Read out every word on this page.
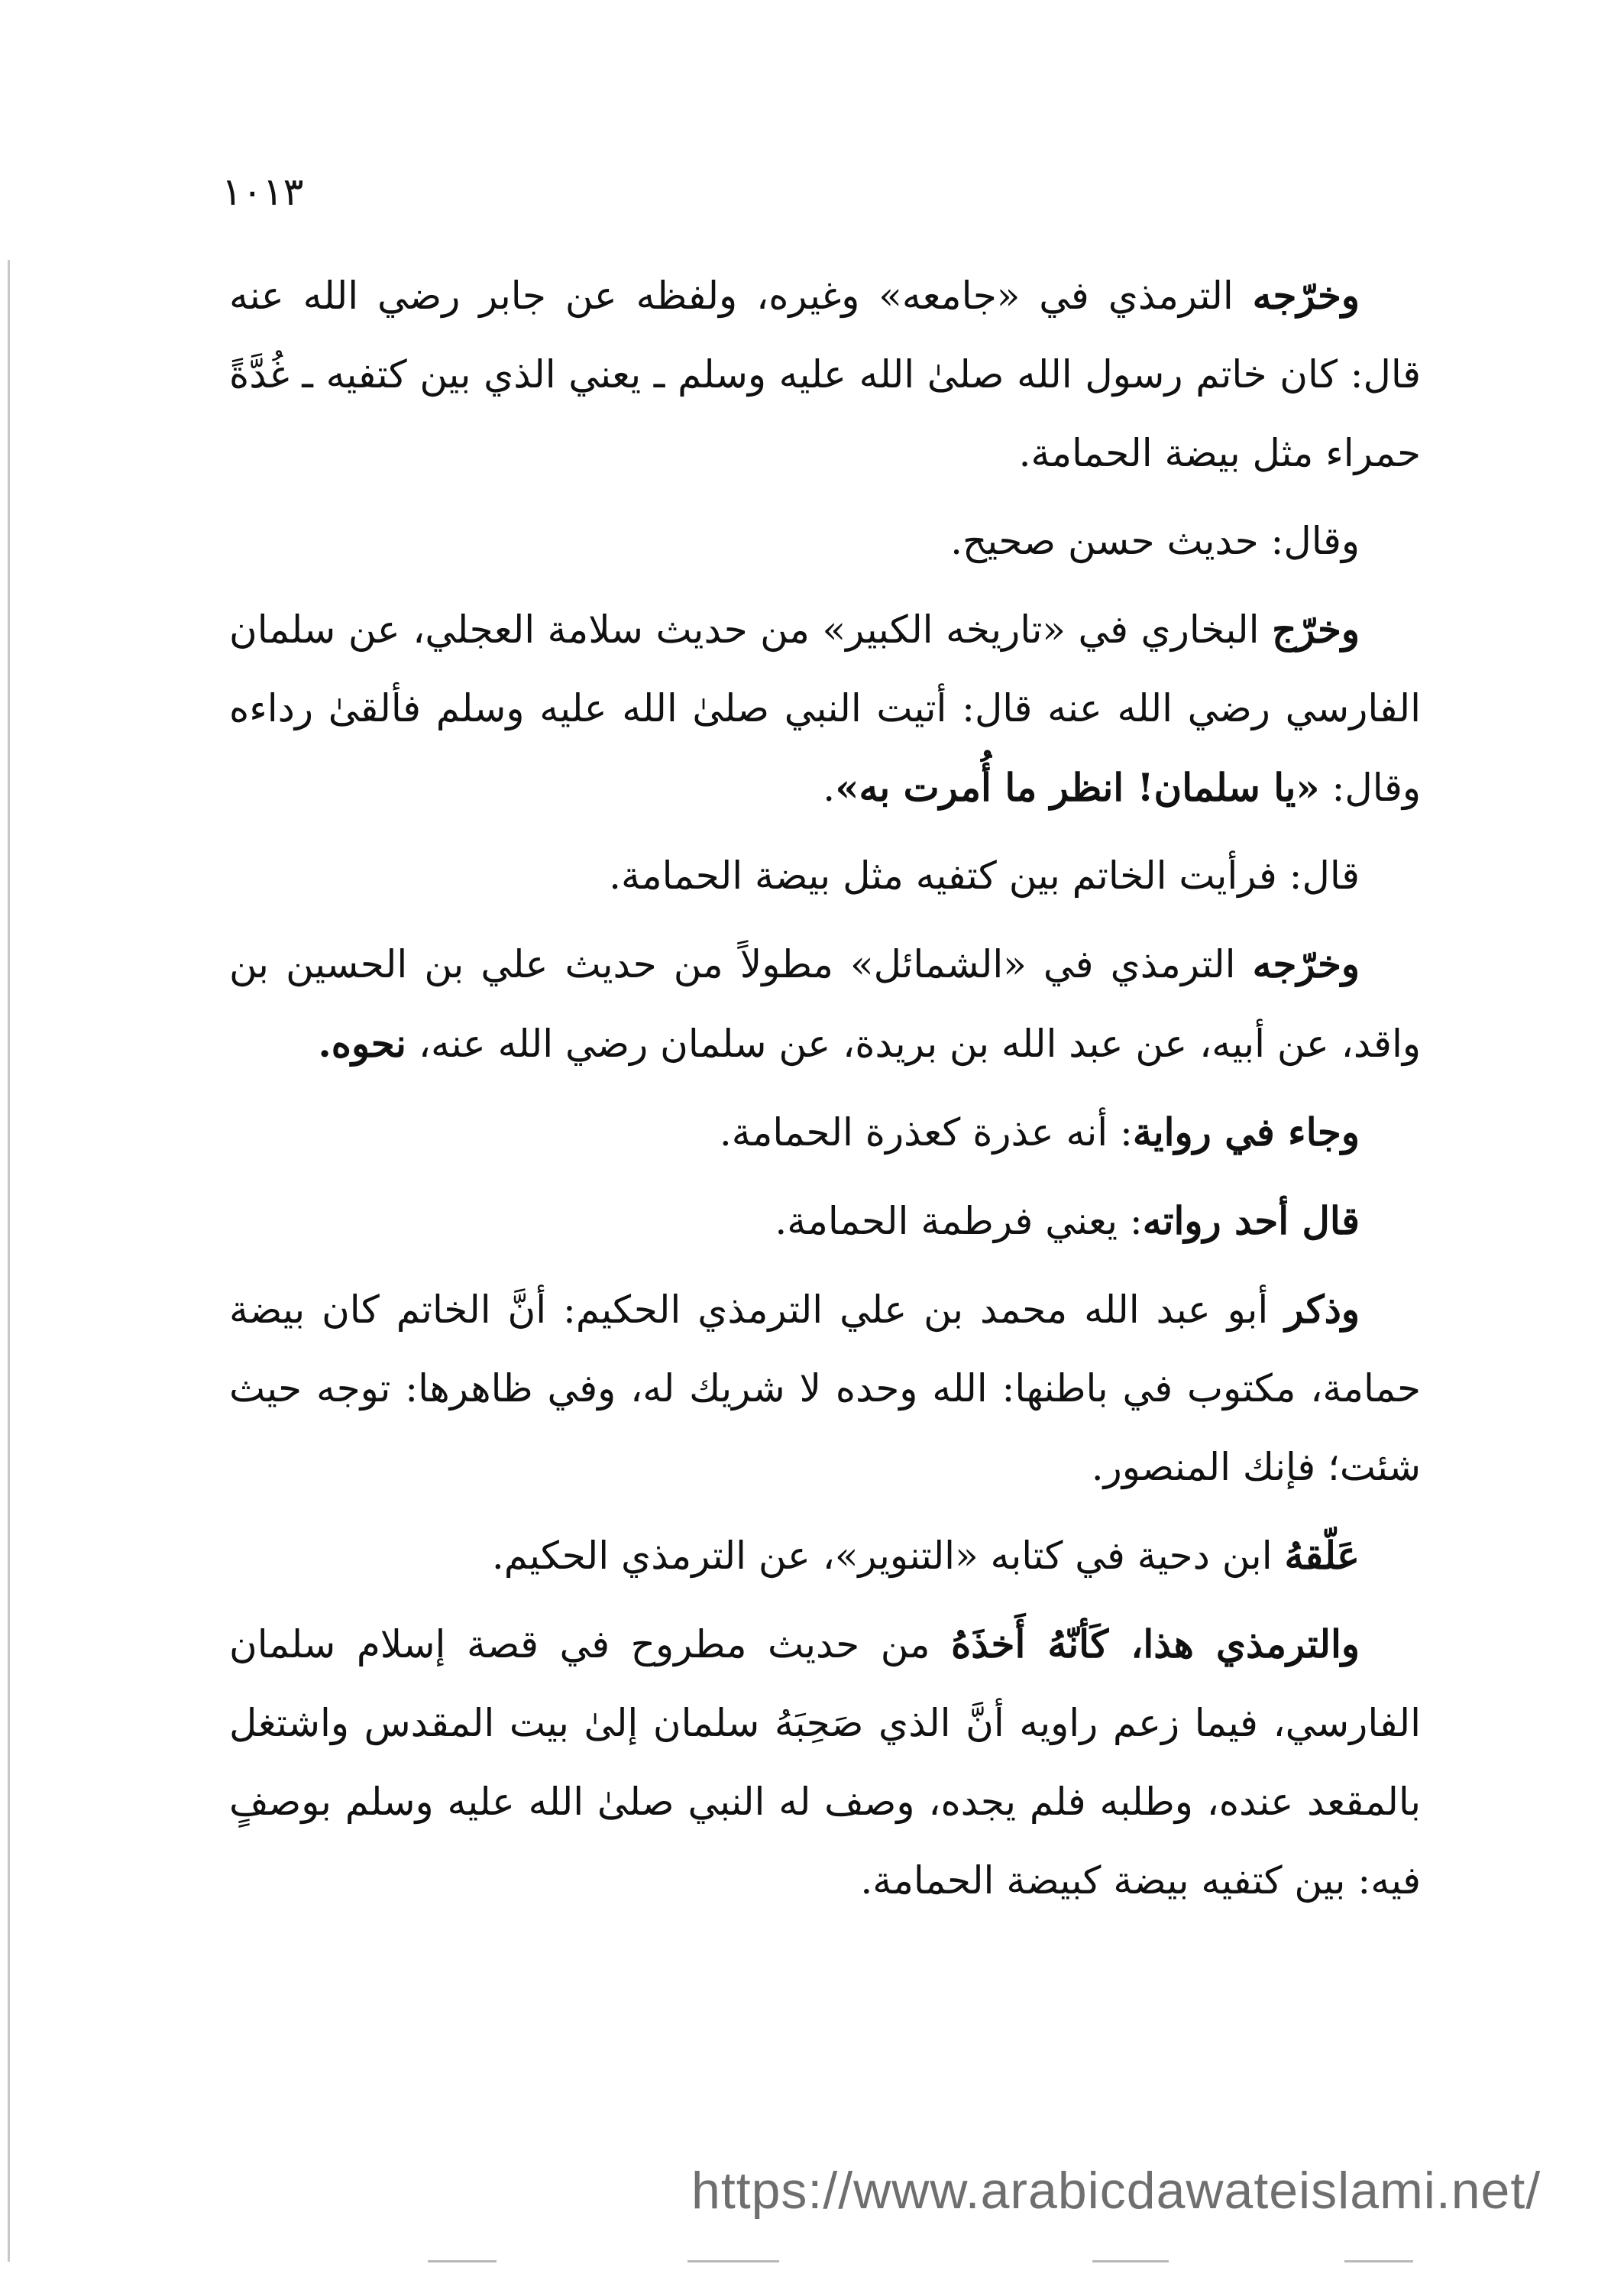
١٠١٣

وخرّجه الترمذي في «جامعه» وغيره، ولفظه عن جابر رضي الله عنه قال: كان خاتم رسول الله صلىٰ الله عليه وسلم ـ يعني الذي بين كتفيه ـ غُدَّةً حمراء مثل بيضة الحمامة.

وقال: حديث حسن صحيح.

وخرّج البخاري في «تاريخه الكبير» من حديث سلامة العجلي، عن سلمان الفارسي رضي الله عنه قال: أتيت النبي صلىٰ الله عليه وسلم فألقىٰ رداءه وقال: «يا سلمان! انظر ما أُمرت به».

قال: فرأيت الخاتم بين كتفيه مثل بيضة الحمامة.

وخرّجه الترمذي في «الشمائل» مطولاً من حديث علي بن الحسين بن واقد، عن أبيه، عن عبد الله بن بريدة، عن سلمان رضي الله عنه، نحوه.

وجاء في رواية: أنه عذرة كعذرة الحمامة.

قال أحد رواته: يعني فرطمة الحمامة.

وذكر أبو عبد الله محمد بن علي الترمذي الحكيم: أنَّ الخاتم كان بيضة حمامة، مكتوب في باطنها: الله وحده لا شريك له، وفي ظاهرها: توجه حيث شئت؛ فإنك المنصور.

عَلّقهُ ابن دحية في كتابه «التنوير»، عن الترمذي الحكيم.

والترمذي هذا، كَأنّهُ أَخذَهُ من حديث مطروح في قصة إسلام سلمان الفارسي، فيما زعم راويه أنَّ الذي صَحِبَهُ سلمان إلىٰ بيت المقدس واشتغل بالمقعد عنده، وطلبه فلم يجده، وصف له النبي صلىٰ الله عليه وسلم بوصفٍ فيه: بين كتفيه بيضة كبيضة الحمامة.

https://www.arabicdawateislami.net/
